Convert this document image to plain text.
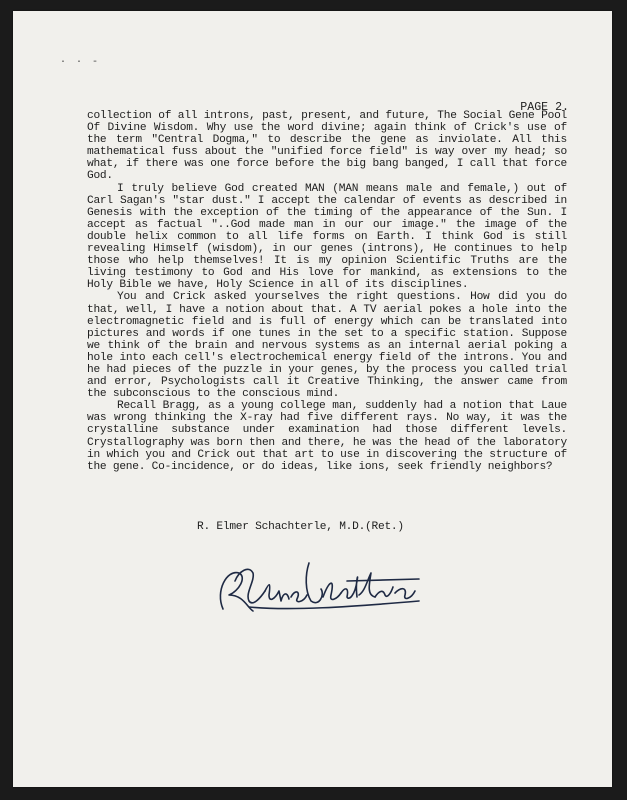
· · -
PAGE 2.

collection of all introns, past, present, and future, The Social Gene Pool Of Divine Wisdom. Why use the word divine; again think of Crick's use of the term "Central Dogma," to describe the gene as inviolate. All this mathematical fuss about the "unified force field" is way over my head; so what, if there was one force before the big bang banged, I call that force God.

I truly believe God created MAN (MAN means male and female,) out of Carl Sagan's "star dust." I accept the calendar of events as described in Genesis with the exception of the timing of the appearance of the Sun. I accept as factual "..God made man in our our image." the image of the double helix common to all life forms on Earth. I think God is still revealing Himself (wisdom), in our genes (introns), He continues to help those who help themselves! It is my opinion Scientific Truths are the living testimony to God and His love for mankind, as extensions to the Holy Bible we have, Holy Science in all of its disciplines.

You and Crick asked yourselves the right questions. How did you do that, well, I have a notion about that. A TV aerial pokes a hole into the electromagnetic field and is full of energy which can be translated into pictures and words if one tunes in the set to a specific station. Suppose we think of the brain and nervous systems as an internal aerial poking a hole into each cell's electrochemical energy field of the introns. You and he had pieces of the puzzle in your genes, by the process you called trial and error, Psychologists call it Creative Thinking, the answer came from the subconscious to the conscious mind.

Recall Bragg, as a young college man, suddenly had a notion that Laue was wrong thinking the X-ray had five different rays. No way, it was the crystalline substance under examination had those different levels. Crystallography was born then and there, he was the head of the laboratory in which you and Crick out that art to use in discovering the structure of the gene. Co-incidence, or do ideas, like ions, seek friendly neighbors?

R. Elmer Schachterle, M.D.(Ret.)
